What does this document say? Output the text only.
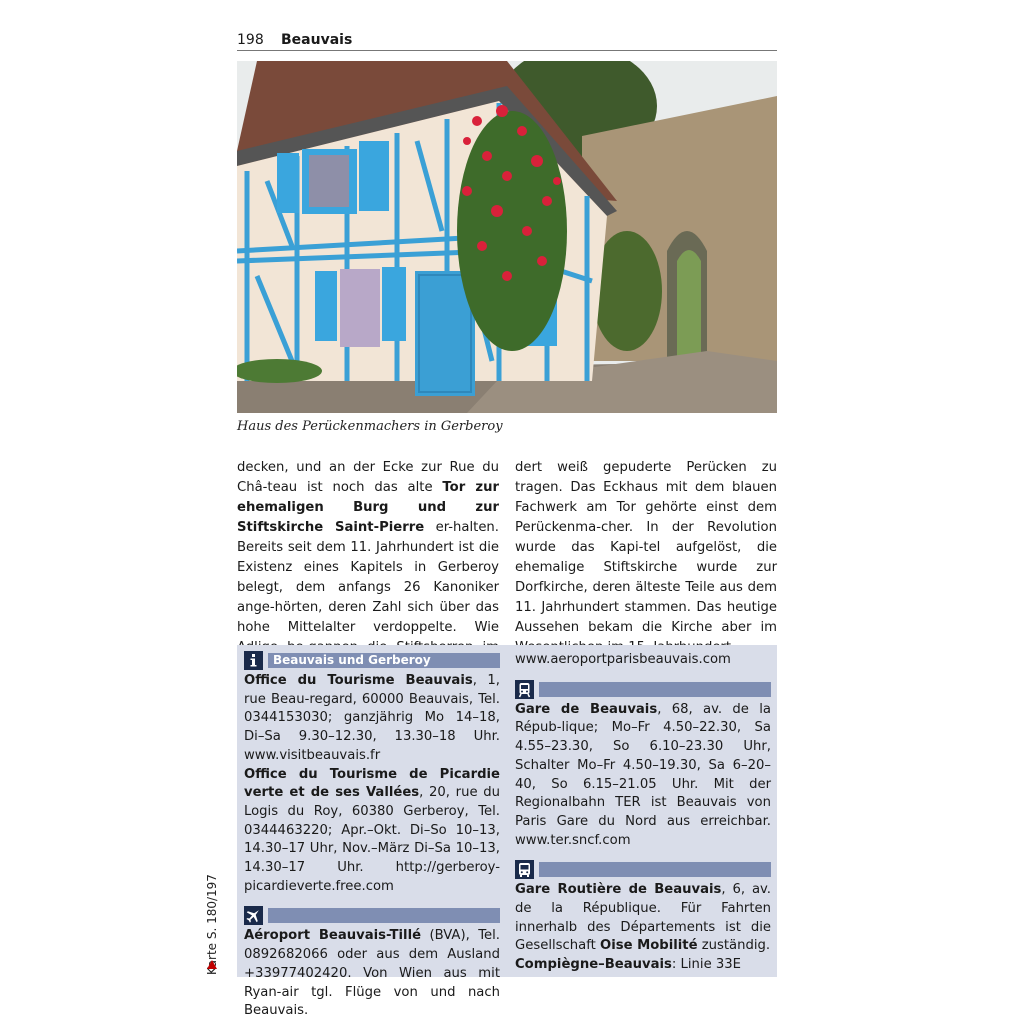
198 Beauvais
Haus des Perückenmachers in Gerberoy
decken, und an der Ecke zur Rue du Châ-teau ist noch das alte Tor zur ehemaligen Burg und zur Stiftskirche Saint-Pierre er-halten. Bereits seit dem 11. Jahrhundert ist die Existenz eines Kapitels in Gerberoy belegt, dem anfangs 26 Kanoniker ange-hörten, deren Zahl sich über das hohe Mittelalter verdoppelte. Wie
dert weiß gepuderte Perücken zu tragen. Das Eckhaus mit dem blauen Fachwerk am Tor gehörte einst dem Perückenma-cher. In der Revolution wurde das Kapi-tel aufgelöst, die ehemalige Stiftskirche wurde zur Dorfkirche, deren älteste Teile aus dem 11. Jahrhundert stammen. Das heutige Aussehen bekam die Kirche aber im
Beauvais und Gerberoy
Office du Tourisme Beauvais, 1, rue Beau-regard, 60000 Beauvais, Tel. 0344153030; ganzjährig Mo 14–18, Di–Sa 9.30–12.30, 13.30–18 Uhr. www.visitbeauvais.fr
Office du Tourisme de Picardie verte et de ses Vallées, 20, rue du Logis du Roy, 60380 Gerberoy, Tel. 0344463220; Apr.–Okt. Di–So 10–13, 14.30–17 Uhr, Nov.–März Di–Sa 10–13, 14.30–17 Uhr. http://gerberoy-picardieverte.free.com
Aéroport Beauvais-Tillé (BVA), Tel. 0892682066 oder aus dem Ausland +33977402420. Von Wien aus mit Ryan-air tgl. Flüge von und nach Beauvais.
www.aeroportparisbeauvais.com
Gare de Beauvais, 68, av. de la Répub-lique; Mo–Fr 4.50–22.30, Sa 4.55–23.30, So 6.10–23.30 Uhr, Schalter Mo–Fr 4.50–19.30, Sa 6–20–40, So 6.15–21.05 Uhr. Mit der Regionalbahn TER ist Beauvais von Paris Gare du Nord aus erreichbar. www.ter.sncf.com
Gare Routière de Beauvais, 6, av. de la République. Für Fahrten innerhalb des Départements ist die Gesellschaft Oise Mobilité zuständig.
Compiègne–Beauvais: Linie 33E
Karte S. 180/197
